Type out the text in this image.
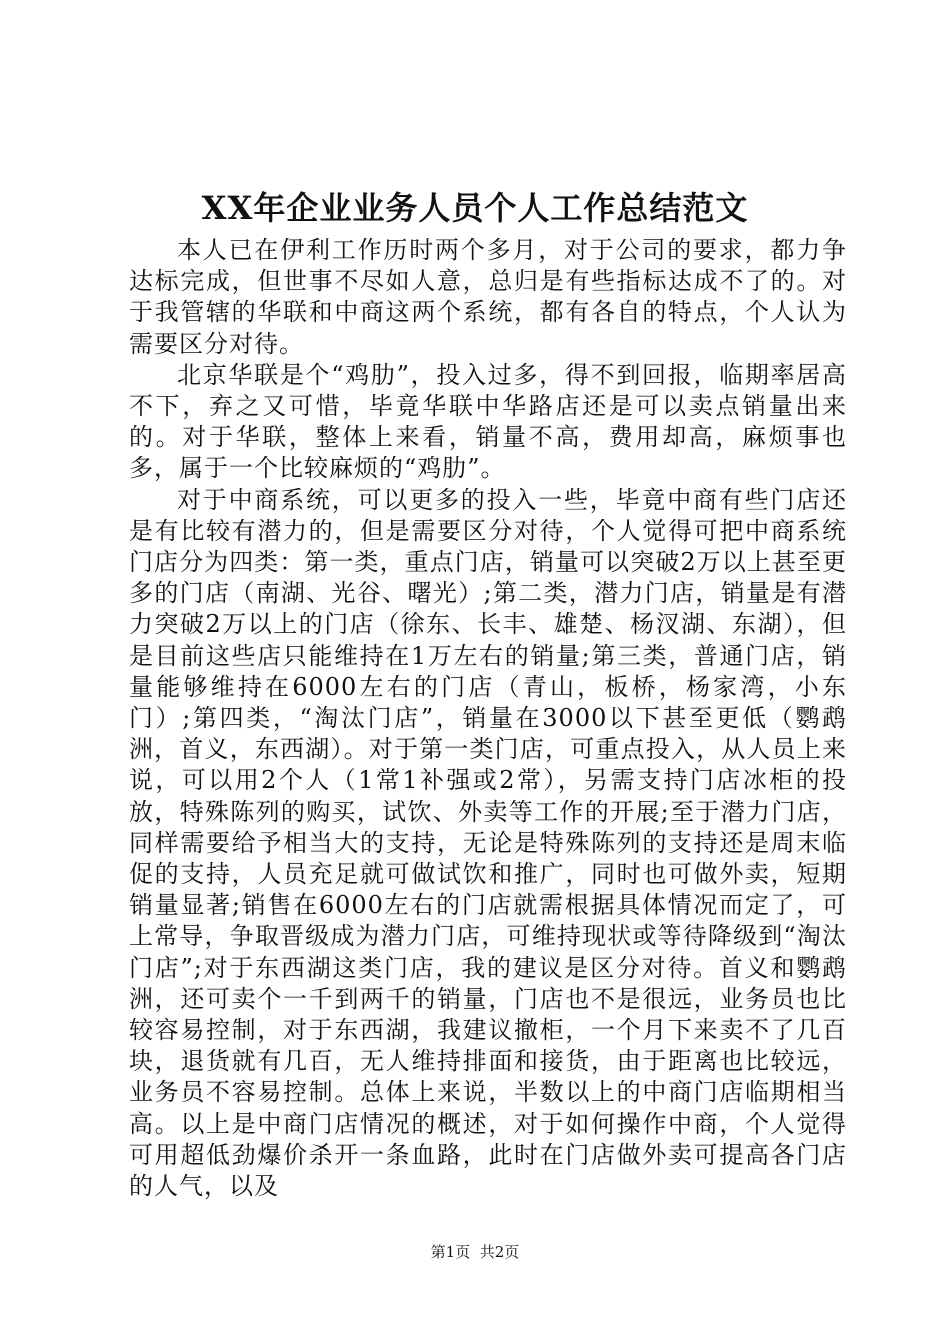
XX年企业业务人员个人工作总结范文

本人已在伊利工作历时两个多月，对于公司的要求，都力争达标完成，但世事不尽如人意，总归是有些指标达成不了的。对于我管辖的华联和中商这两个系统，都有各自的特点，个人认为需要区分对待。

北京华联是个“鸡肋”，投入过多，得不到回报，临期率居高不下，弃之又可惜，毕竟华联中华路店还是可以卖点销量出来的。对于华联，整体上来看，销量不高，费用却高，麻烦事也多，属于一个比较麻烦的“鸡肋”。

对于中商系统，可以更多的投入一些，毕竟中商有些门店还是有比较有潜力的，但是需要区分对待，个人觉得可把中商系统门店分为四类：第一类，重点门店，销量可以突破2万以上甚至更多的门店（南湖、光谷、曙光）;第二类，潜力门店，销量是有潜力突破2万以上的门店（徐东、长丰、雄楚、杨汊湖、东湖），但是目前这些店只能维持在1万左右的销量;第三类，普通门店，销量能够维持在6000左右的门店（青山，板桥，杨家湾，小东门）;第四类，“淘汰门店”，销量在3000以下甚至更低（鹦鹉洲，首义，东西湖）。对于第一类门店，可重点投入，从人员上来说，可以用2个人（1常1补强或2常），另需支持门店冰柜的投放，特殊陈列的购买，试饮、外卖等工作的开展;至于潜力门店，同样需要给予相当大的支持，无论是特殊陈列的支持还是周末临促的支持，人员充足就可做试饮和推广，同时也可做外卖，短期销量显著;销售在6000左右的门店就需根据具体情况而定了，可上常导，争取晋级成为潜力门店，可维持现状或等待降级到“淘汰门店”;对于东西湖这类门店，我的建议是区分对待。首义和鹦鹉洲，还可卖个一千到两千的销量，门店也不是很远，业务员也比较容易控制，对于东西湖，我建议撤柜，一个月下来卖不了几百块，退货就有几百，无人维持排面和接货，由于距离也比较远，业务员不容易控制。总体上来说，半数以上的中商门店临期相当高。以上是中商门店情况的概述，对于如何操作中商，个人觉得可用超低劲爆价杀开一条血路，此时在门店做外卖可提高各门店的人气，以及

第1页 共2页
